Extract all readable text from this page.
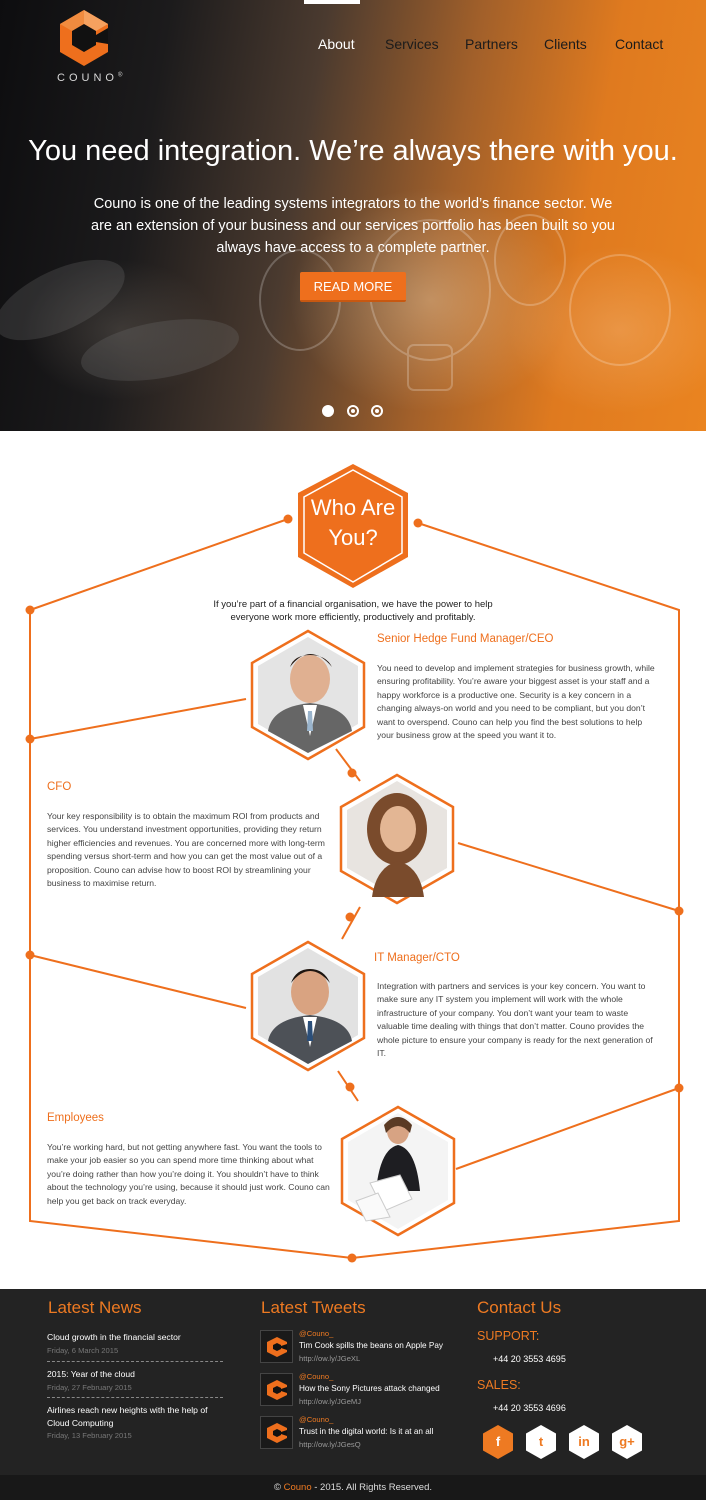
COUNO®
About Services Partners Clients Contact
You need integration. We’re always there with you.
Couno is one of the leading systems integrators to the world’s finance sector. We are an extension of your business and our services portfolio has been built so you always have access to a complete partner.
READ MORE
Who Are
You?
If you’re part of a financial organisation, we have the power to help everyone work more efficiently, productively and profitably.
Senior Hedge Fund Manager/CEO
You need to develop and implement strategies for business growth, while ensuring profitability. You’re aware your biggest asset is your staff and a happy workforce is a productive one. Security is a key concern in a changing always-on world and you need to be compliant, but you don’t want to overspend. Couno can help you find the best solutions to help your business grow at the speed you want it to.
CFO
Your key responsibility is to obtain the maximum ROI from products and services. You understand investment opportunities, providing they return higher efficiencies and revenues. You are concerned more with long-term spending versus short-term and how you can get the most value out of a proposition. Couno can advise how to boost ROI by streamlining your business to maximise return.
IT Manager/CTO
Integration with partners and services is your key concern. You want to make sure any IT system you implement will work with the whole infrastructure of your company. You don’t want your team to waste valuable time dealing with things that don’t matter. Couno provides the whole picture to ensure your company is ready for the next generation of IT.
Employees
You’re working hard, but not getting anywhere fast. You want the tools to make your job easier so you can spend more time thinking about what you’re doing rather than how you’re doing it. You shouldn’t have to think about the technology you’re using, because it should just work. Couno can help you get back on track everyday.
Latest News	Latest Tweets	Contact Us
Cloud growth in the financial sector
Friday, 6 March 2015
2015: Year of the cloud
Friday, 27 February 2015
Airlines reach new heights with the help of Cloud Computing
Friday, 13 February 2015
@Couno_
Tim Cook spills the beans on Apple Pay
http://ow.ly/JGeXL
@Couno_
How the Sony Pictures attack changed
http://ow.ly/JGeMJ
@Couno_
Trust in the digital world: Is it at an all
http://ow.ly/JGesQ
SUPPORT:
+44 20 3553 4695
SALES:
+44 20 3553 4696
f	t	in	g+
© Couno - 2015. All Rights Reserved.
